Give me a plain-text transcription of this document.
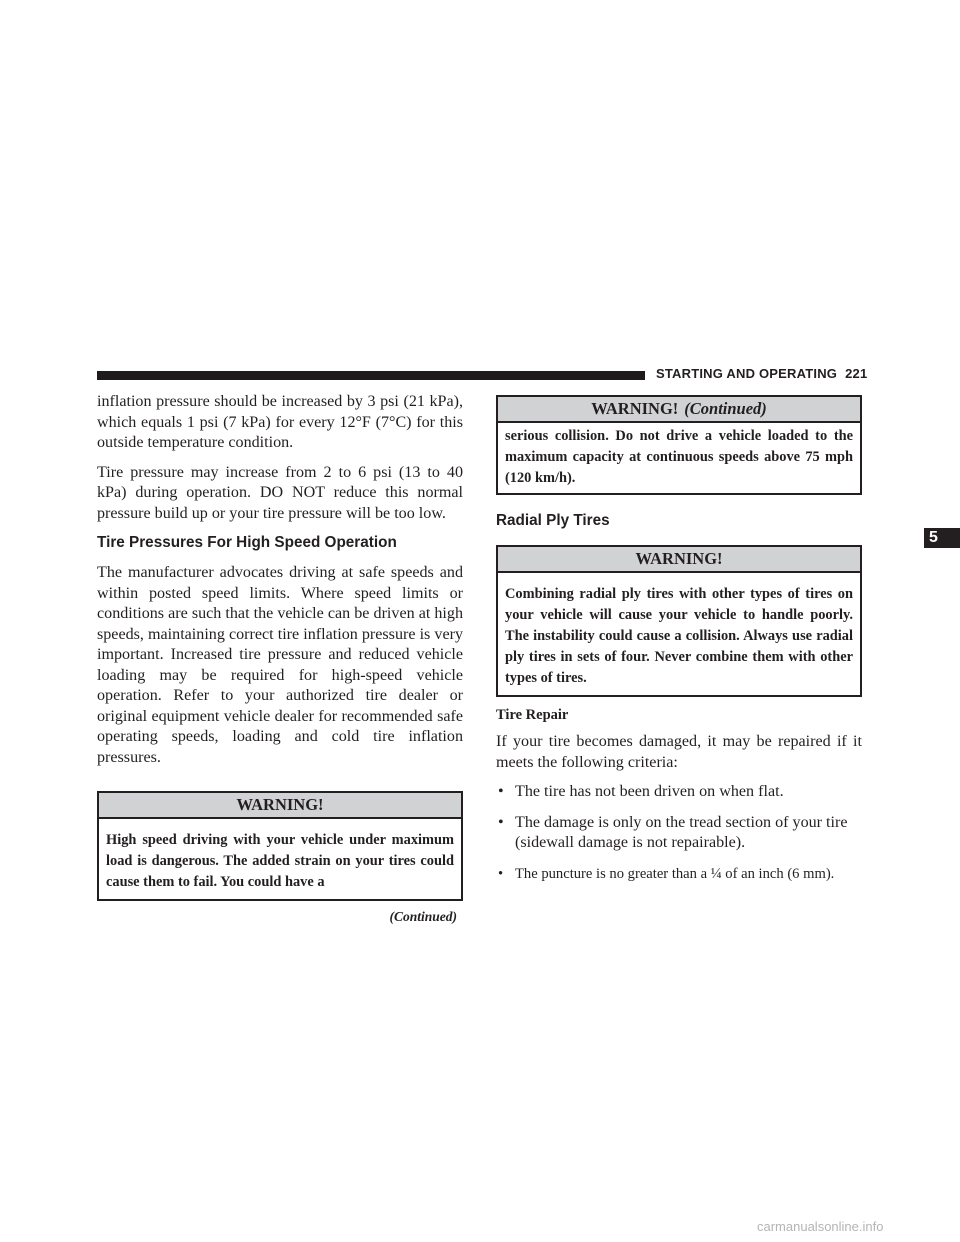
STARTING AND OPERATING 221

inflation pressure should be increased by 3 psi (21 kPa), which equals 1 psi (7 kPa) for every 12°F (7°C) for this outside temperature condition.

Tire pressure may increase from 2 to 6 psi (13 to 40 kPa) during operation. DO NOT reduce this normal pressure build up or your tire pressure will be too low.

Tire Pressures For High Speed Operation

The manufacturer advocates driving at safe speeds and within posted speed limits. Where speed limits or conditions are such that the vehicle can be driven at high speeds, maintaining correct tire inflation pressure is very important. Increased tire pressure and reduced vehicle loading may be required for high-speed vehicle operation. Refer to your authorized tire dealer or original equipment vehicle dealer for recommended safe operating speeds, loading and cold tire inflation pressures.

WARNING!
High speed driving with your vehicle under maximum load is dangerous. The added strain on your tires could cause them to fail. You could have a
(Continued)
WARNING! (Continued)
serious collision. Do not drive a vehicle loaded to the maximum capacity at continuous speeds above 75 mph (120 km/h).
Radial Ply Tires
WARNING!
Combining radial ply tires with other types of tires on your vehicle will cause your vehicle to handle poorly. The instability could cause a collision. Always use radial ply tires in sets of four. Never combine them with other types of tires.
Tire Repair

If your tire becomes damaged, it may be repaired if it meets the following criteria:

• The tire has not been driven on when flat.
• The damage is only on the tread section of your tire (sidewall damage is not repairable).
• The puncture is no greater than a ¼ of an inch (6 mm).
5
carmanualsonline.info
